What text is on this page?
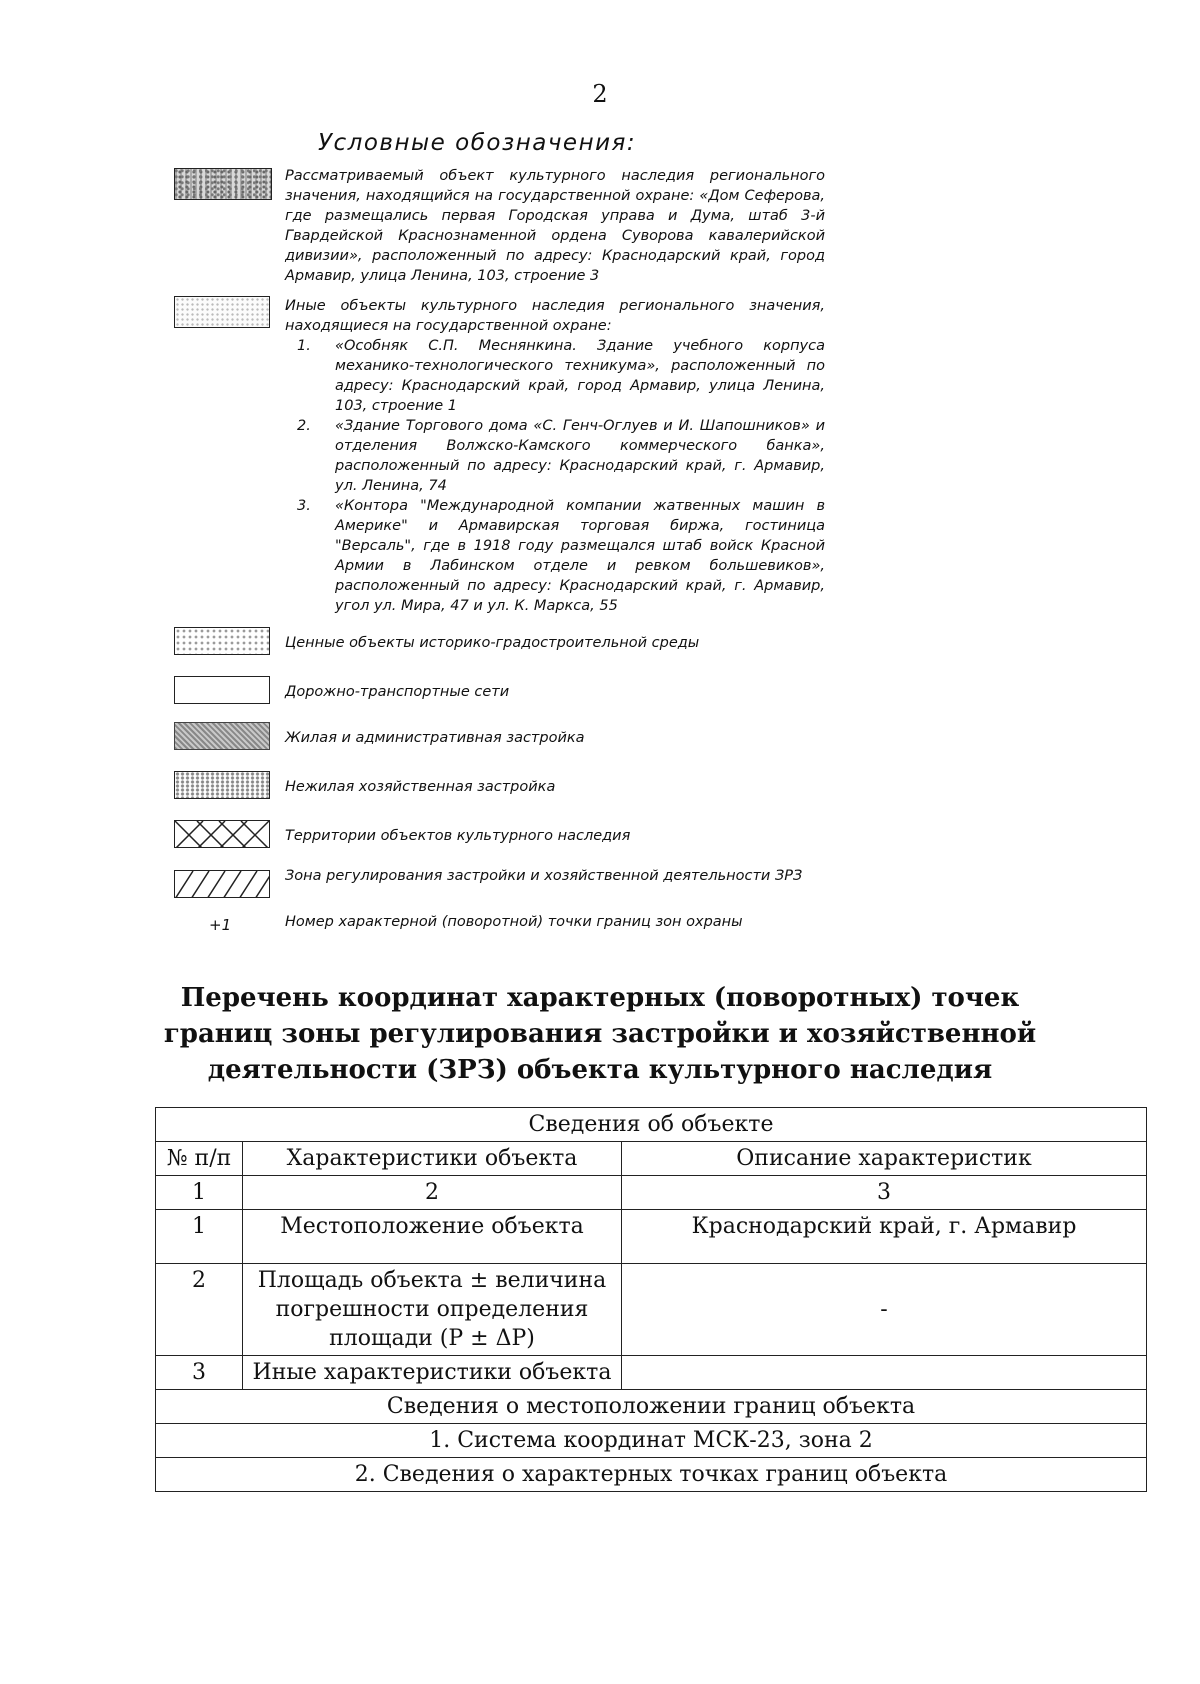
2
Условные обозначения:
Рассматриваемый объект культурного наследия регионального значения, находящийся на государственной охране: «Дом Сеферова, где размещались первая Городская управа и Дума, штаб 3-й Гвардейской Краснознаменной ордена Суворова кавалерийской дивизии», расположенный по адресу: Краснодарский край, город Армавир, улица Ленина, 103, строение 3
Иные объекты культурного наследия регионального значения, находящиеся на государственной охране:
1. «Особняк С.П. Меснянкина. Здание учебного корпуса механико-технологического техникума», расположенный по адресу: Краснодарский край, город Армавир, улица Ленина, 103, строение 1
2. «Здание Торгового дома «С. Генч-Оглуев и И. Шапошников» и отделения Волжско-Камского коммерческого банка», расположенный по адресу: Краснодарский край, г. Армавир, ул. Ленина, 74
3. «Контора "Международной компании жатвенных машин в Америке" и Армавирская торговая биржа, гостиница "Версаль", где в 1918 году размещался штаб войск Красной Армии в Лабинском отделе и ревком большевиков», расположенный по адресу: Краснодарский край, г. Армавир, угол ул. Мира, 47 и ул. К. Маркса, 55
Ценные объекты историко-градостроительной среды
Дорожно-транспортные сети
Жилая и административная застройка
Нежилая хозяйственная застройка
Территории объектов культурного наследия
Зона регулирования застройки и хозяйственной деятельности ЗРЗ
+1	Номер характерной (поворотной) точки границ зон охраны
Перечень координат характерных (поворотных) точек границ зоны регулирования застройки и хозяйственной деятельности (ЗРЗ) объекта культурного наследия
Сведения об объекте		
№ п/п	Характеристики объекта	Описание характеристик
1	2	3
1	Местоположение объекта	Краснодарский край, г. Армавир
2	Площадь объекта ± величина погрешности определения площади (P ± ΔP)	-
3	Иные характеристики объекта	
Сведения о местоположении границ объекта		
1. Система координат МСК-23, зона 2		
2. Сведения о характерных точках границ объекта		
